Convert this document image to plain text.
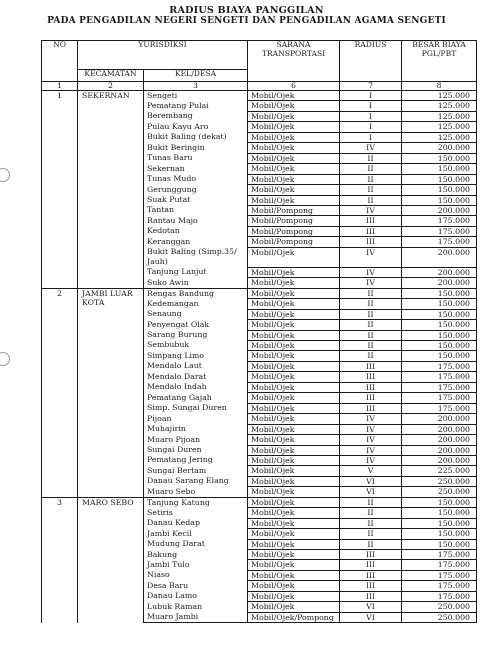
RADIUS BIAYA PANGGILAN
PADA PENGADILAN NEGERI SENGETI DAN PENGADILAN AGAMA SENGETI
NO	YURISDIKSI		SARANA TRANSPORTASI	RADIUS	BESAR BIAYA PGL/PBT
	KECAMATAN	KEL/DESA			
1	2	3	6	7	8
1	SEKERNAN	Sengeti	Mobil/Ojek	I	125.000
		Pematang Pulai	Mobil/Ojek	I	125.000
		Berembang	Mobil/Ojek	I	125.000
		Pulau Kayu Aro	Mobil/Ojek	I	125.000
		Bukit Baling (dekat)	Mobil/Ojek	I	125.000
		Bukit Beringin	Mobil/Ojek	IV	200.000
		Tunas Baru	Mobil/Ojek	II	150.000
		Sekernan	Mobil/Ojek	II	150.000
		Tunas Mudo	Mobil/Ojek	II	150.000
		Gerunggung	Mobil/Ojek	II	150.000
		Suak Putat	Mobil/Ojek	II	150.000
		Tantan	Mobil/Pompong	IV	200.000
		Rantau Majo	Mobil/Pompong	III	175.000
		Kedotan	Mobil/Pompong	III	175.000
		Keranggan	Mobil/Pompong	III	175.000
		Bukit Baling (Simp.35/ Jauh)	Mobil/Ojek	IV	200.000
		Tanjung Lanjut	Mobil/Ojek	IV	200.000
		Suko Awin	Mobil/Ojek	IV	200.000
2	JAMBI LUAR KOTA	Rengas Bandung	Mobil/Ojek	II	150.000
		Kedemangan	Mobil/Ojek	II	150.000
		Senaung	Mobil/Ojek	II	150.000
		Penyengat Olak	Mobil/Ojek	II	150.000
		Sarang Burung	Mobil/Ojek	II	150.000
		Sembubuk	Mobil/Ojek	II	150.000
		Simpang Limo	Mobil/Ojek	II	150.000
		Mendalo Laut	Mobil/Ojek	III	175.000
		Mendalo Darat	Mobil/Ojek	III	175.000
		Mendalo Indah	Mobil/Ojek	III	175.000
		Pematang Gajah	Mobil/Ojek	III	175.000
		Simp. Sungai Duren	Mobil/Ojek	III	175.000
		Pijoan	Mobil/Ojek	IV	200.000
		Muhajirin	Mobil/Ojek	IV	200.000
		Muaro Pijoan	Mobil/Ojek	IV	200.000
		Sungai Duren	Mobil/Ojek	IV	200.000
		Pematang Jering	Mobil/Ojek	IV	200.000
		Sungai Bertam	Mobil/Ojek	V	225.000
		Danau Sarang Elang	Mobil/Ojek	VI	250.000
		Muaro Sebo	Mobil/Ojek	VI	250.000
3	MARO SEBO	Tanjung Katung	Mobil/Ojek	II	150.000
		Setiris	Mobil/Ojek	II	150.000
		Danau Kedap	Mobil/Ojek	II	150.000
		Jambi Kecil	Mobil/Ojek	II	150.000
		Mudung Darat	Mobil/Ojek	II	150.000
		Bakung	Mobil/Ojek	III	175.000
		Jambi Tulo	Mobil/Ojek	III	175.000
		Niaso	Mobil/Ojek	III	175.000
		Desa Baru	Mobil/Ojek	III	175.000
		Danau Lamo	Mobil/Ojek	III	175.000
		Lubuk Raman	Mobil/Ojek	VI	250.000
		Muaro Jambi	Mobil/Ojek/Pompong	VI	250.000
